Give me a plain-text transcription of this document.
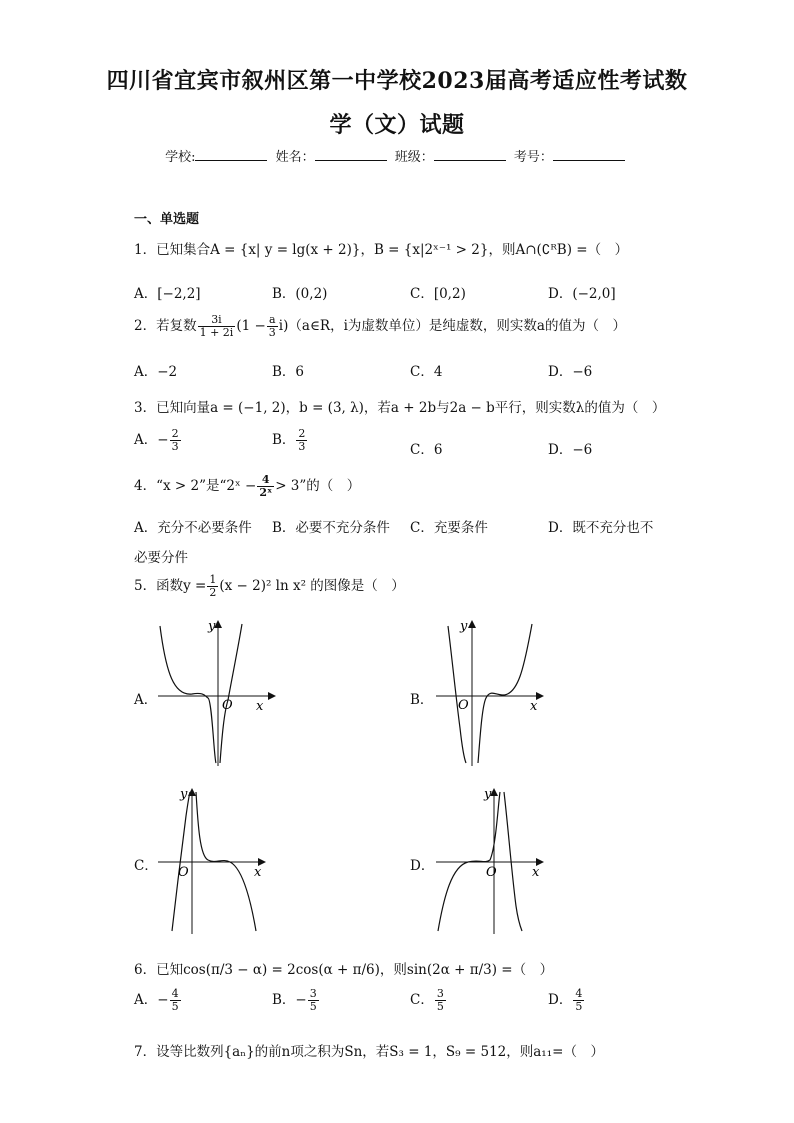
四川省宜宾市叙州区第一中学校2023届高考适应性考试数
学（文）试题
学校:	姓名：	班级：	考号：
一、单选题
1．已知集合A = {x| y = lg(x + 2)}，B = {x|2ˣ⁻¹ > 2}，则A∩(∁ᴿB) =（　）
A．[−2,2]	B．(0,2)	C．[0,2)	D．(−2,0]
2．若复数 $\frac{3i}{1 + 2i} (1 - \frac{a}{3}$ i)（a∈R，i为虚数单位）是纯虚数，则实数a的值为（　）
A．−2	B．6	C．4	D．−6
3．已知向量a = (−1, 2)，b = (3, λ)，若a + 2b与2a − b平行，则实数λ的值为（　）
A．− $\frac{2}{3}$	B． $\frac{2}{3}$	C．6	D．−6
4．“x > 2”是“2ˣ − $\frac{4}{\text{2ˣ}} > 3$”的（　）
A．充分不必要条件 B．必要不充分条件 C．充要条件	D．既不充分也不
必要分件
5．函数$y = \frac{1}{2} (x - 2)^2$ ln x² 的图像是（　）
A．	B．
C．	D．
O x
y
O	x
y
O	x
y
O	x
y
6．已知cos(π/3 − α) = 2cos(α + π/6)，则sin(2α + π/3) =（　）
A．− $\frac{4}{5}$	B．− $\frac{3}{5}$	C． $\frac{3}{5}$	D． $\frac{4}{5}$
7．设等比数列{aₙ}的前n项之积为Sn，若S₃ = 1，S₉ = 512，则a₁₁=（　）
